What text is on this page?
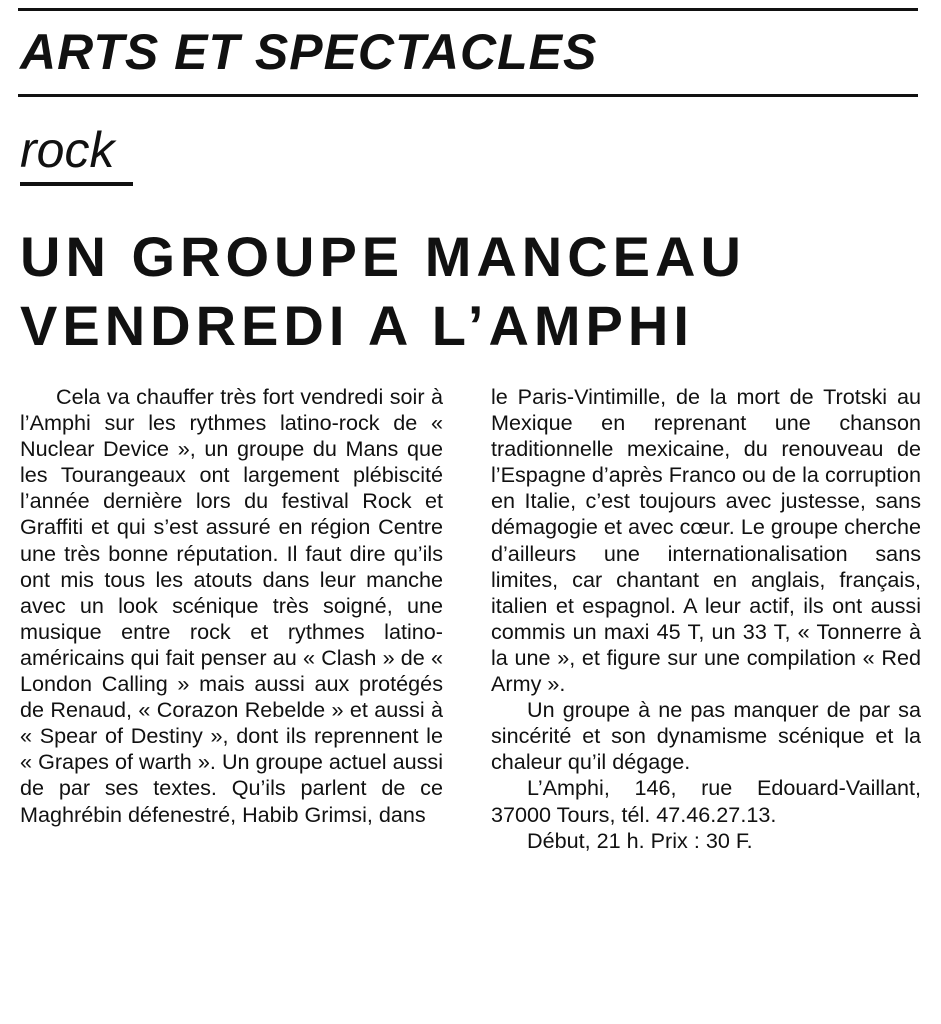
ARTS ET SPECTACLES
rock
UN GROUPE MANCEAU
VENDREDI A L’AMPHI

Cela va chauffer très fort vendredi soir à l’Amphi sur les rythmes latino-rock de « Nuclear Device », un groupe du Mans que les Tourangeaux ont largement plébiscité l’année dernière lors du festival Rock et Graffiti et qui s’est assuré en région Centre une très bonne réputation. Il faut dire qu’ils ont mis tous les atouts dans leur manche avec un look scénique très soigné, une musique entre rock et rythmes latino-américains qui fait penser au « Clash » de « London Calling » mais aussi aux protégés de Renaud, « Corazon Rebelde » et aussi à « Spear of Destiny », dont ils reprennent le « Grapes of warth ». Un groupe actuel aussi de par ses textes. Qu’ils parlent de ce Maghrébin défenestré, Habib Grimsi, dans

le Paris-Vintimille, de la mort de Trotski au Mexique en reprenant une chanson traditionnelle mexicaine, du renouveau de l’Espagne d’après Franco ou de la corruption en Italie, c’est toujours avec justesse, sans démagogie et avec cœur. Le groupe cherche d’ailleurs une internationalisation sans limites, car chantant en anglais, français, italien et espagnol. A leur actif, ils ont aussi commis un maxi 45 T, un 33 T, « Tonnerre à la une », et figure sur une compilation « Red Army ».

Un groupe à ne pas manquer de par sa sincérité et son dynamisme scénique et la chaleur qu’il dégage.

L’Amphi, 146, rue Edouard-Vaillant, 37000 Tours, tél. 47.46.27.13.

Début, 21 h. Prix : 30 F.
